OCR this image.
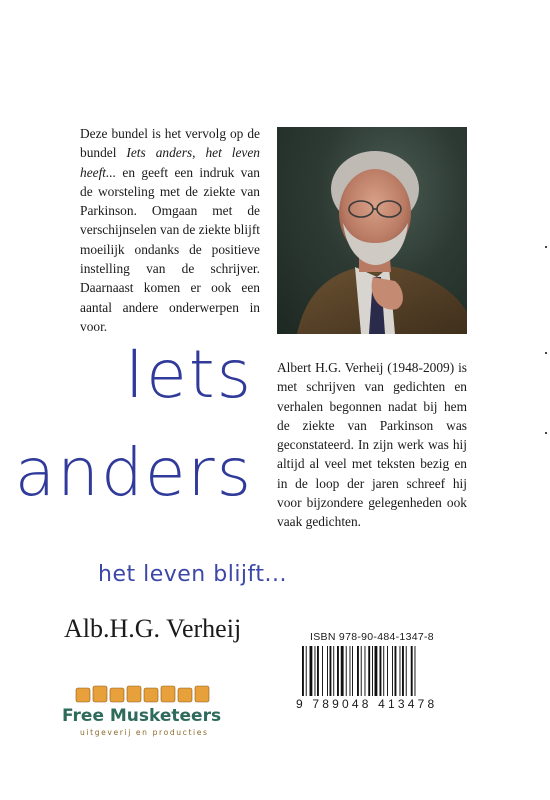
Deze bundel is het vervolg op de bundel Iets anders, het leven heeft... en geeft een indruk van de worsteling met de ziekte van Parkinson. Omgaan met de verschijnselen van de ziekte blijft moeilijk ondanks de positieve instelling van de schrijver. Daarnaast komen er ook een aantal andere onderwerpen in voor.
Iets
anders
het leven blijft...
Alb.H.G. Verheij
Albert H.G. Verheij (1948-2009) is met schrijven van gedichten en verhalen begonnen nadat bij hem de ziekte van Parkinson was geconstateerd. In zijn werk was hij altijd al veel met teksten bezig en in de loop der jaren schreef hij voor bijzondere gelegenheden ook vaak gedichten.
ISBN 978-90-484-1347-8
9 789048 413478
Free Musketeers
uitgeverij en producties
